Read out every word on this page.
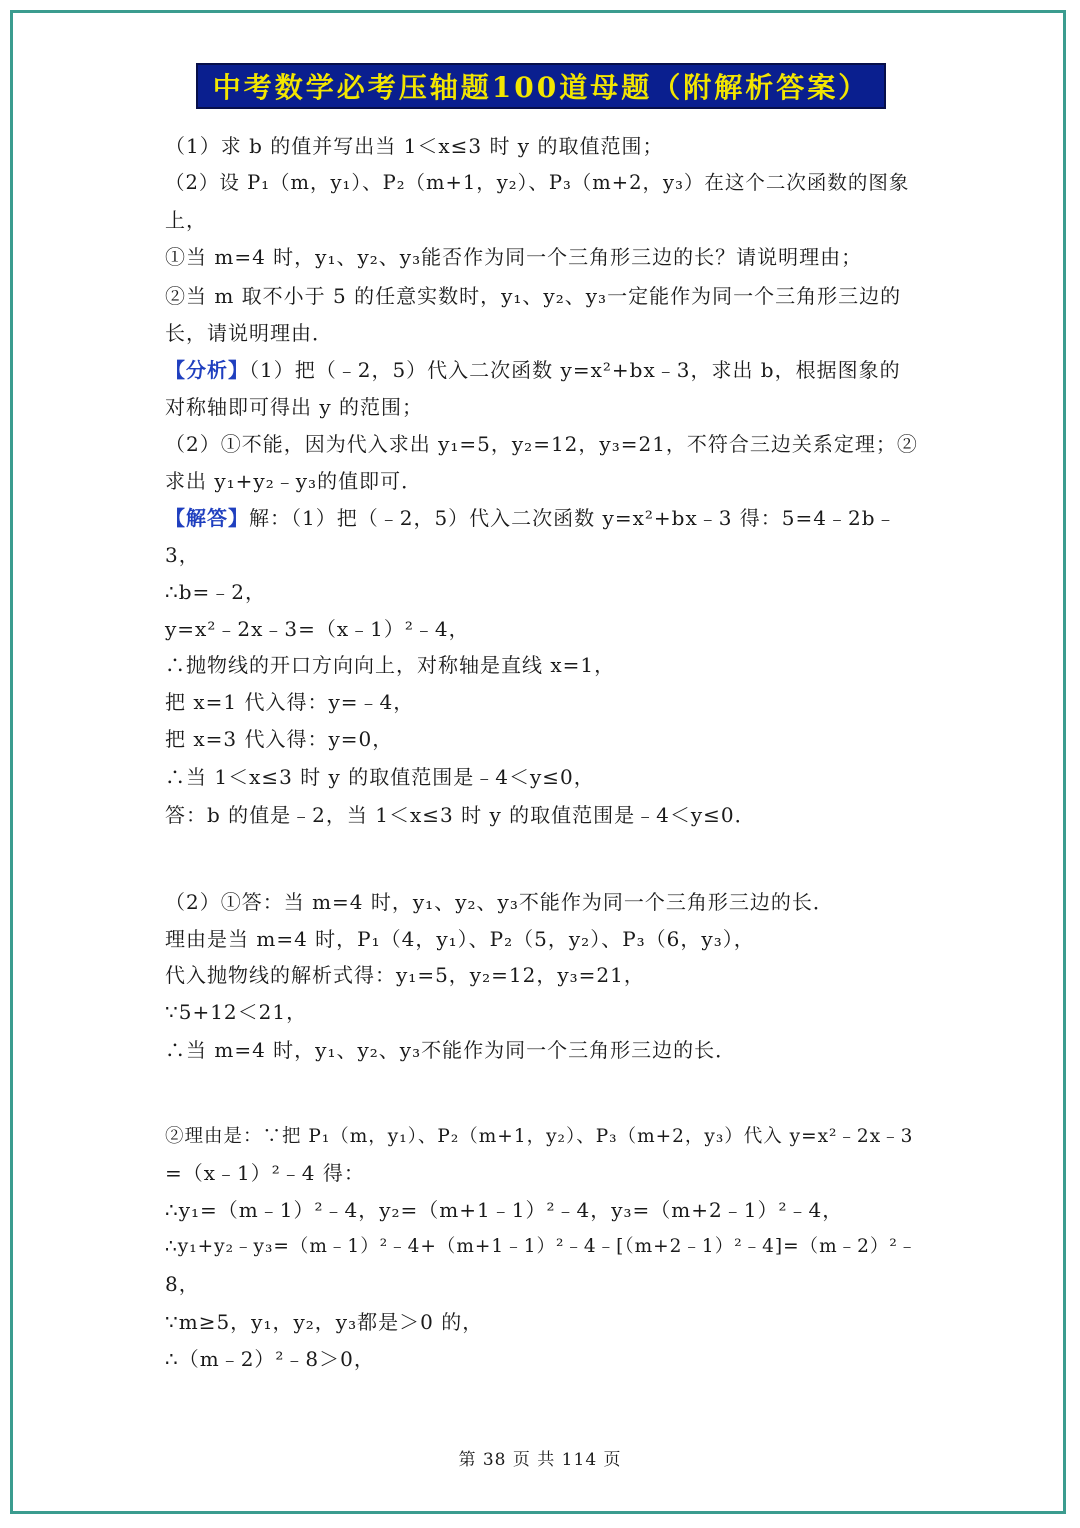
中考数学必考压轴题100道母题（附解析答案）
（1）求 b 的值并写出当 1＜x≤3 时 y 的取值范围；
（2）设 P₁（m，y₁）、P₂（m+1，y₂）、P₃（m+2，y₃）在这个二次函数的图象
上，
①当 m=4 时，y₁、y₂、y₃能否作为同一个三角形三边的长？请说明理由；
②当 m 取不小于 5 的任意实数时，y₁、y₂、y₃一定能作为同一个三角形三边的
长，请说明理由．
【分析】（1）把（﹣2，5）代入二次函数 y=x²+bx﹣3，求出 b，根据图象的
对称轴即可得出 y 的范围；
（2）①不能，因为代入求出 y₁=5，y₂=12，y₃=21，不符合三边关系定理；②
求出 y₁+y₂﹣y₃的值即可．
【解答】解：（1）把（﹣2，5）代入二次函数 y=x²+bx﹣3 得：5=4﹣2b﹣
3，
∴b=﹣2，
y=x²﹣2x﹣3=（x﹣1）²﹣4，
∴抛物线的开口方向向上，对称轴是直线 x=1，
把 x=1 代入得：y=﹣4，
把 x=3 代入得：y=0，
∴当 1＜x≤3 时 y 的取值范围是﹣4＜y≤0，
答：b 的值是﹣2，当 1＜x≤3 时 y 的取值范围是﹣4＜y≤0．
（2）①答：当 m=4 时，y₁、y₂、y₃不能作为同一个三角形三边的长．
理由是当 m=4 时，P₁（4，y₁）、P₂（5，y₂）、P₃（6，y₃），
代入抛物线的解析式得：y₁=5，y₂=12，y₃=21，
∵5+12＜21，
∴当 m=4 时，y₁、y₂、y₃不能作为同一个三角形三边的长．
②理由是：∵把 P₁（m，y₁）、P₂（m+1，y₂）、P₃（m+2，y₃）代入 y=x²﹣2x﹣3
=（x﹣1）²﹣4 得：
∴y₁=（m﹣1）²﹣4，y₂=（m+1﹣1）²﹣4，y₃=（m+2﹣1）²﹣4，
∴y₁+y₂﹣y₃=（m﹣1）²﹣4+（m+1﹣1）²﹣4﹣[（m+2﹣1）²﹣4]=（m﹣2）²﹣
8，
∵m≥5，y₁，y₂，y₃都是＞0 的，
∴（m﹣2）²﹣8＞0，
第 38 页 共 114 页
